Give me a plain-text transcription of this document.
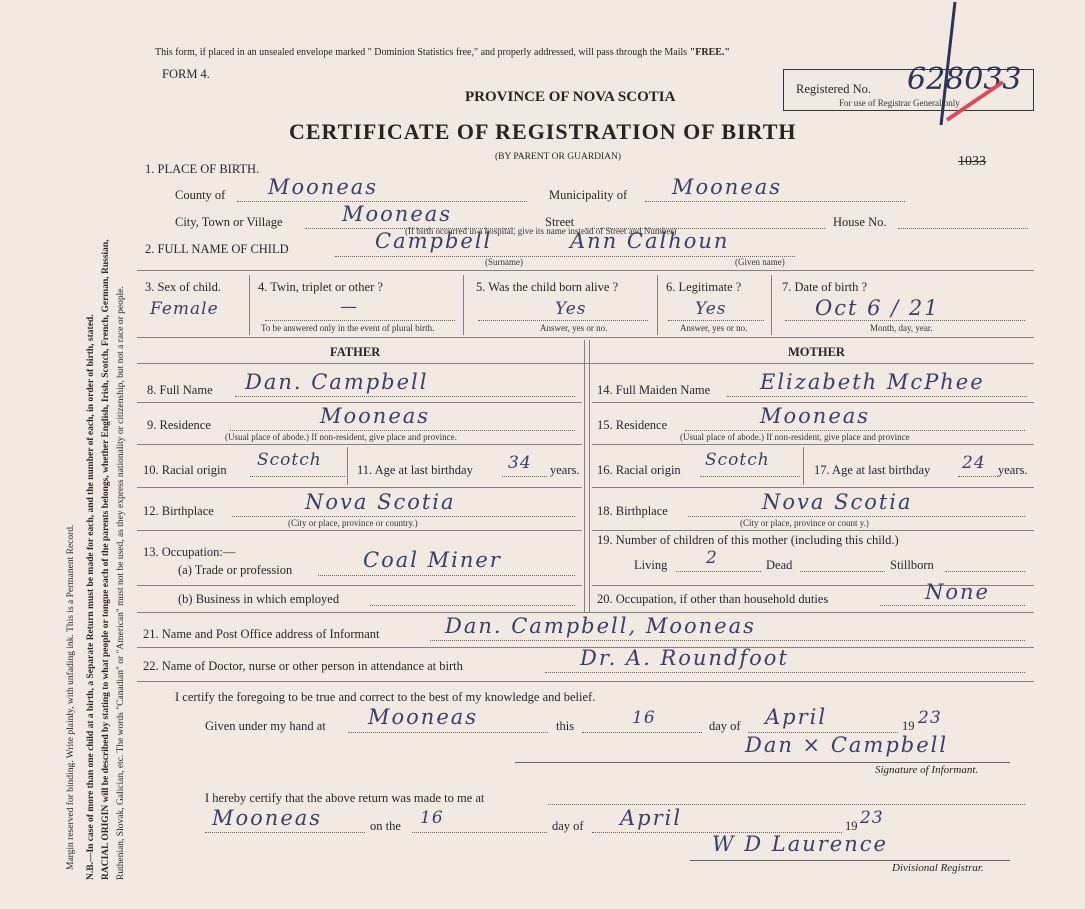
Margin reserved for binding. Write plainly, with unfading ink. This is a Permanent Record. N.B.—In case of more than one child at a birth, a Separate Return must be made for each, and the number of each, in order of birth, stated. RACIAL ORIGIN will be described by stating to what people or tongue each of the parents belongs, whether English, Irish, Scotch, French, German, Russian, Ruthenian, Slovak, Galician, etc. The words "Canadian" or "American" must not be used, as they express nationality or citizenship, but not a race or people.
This form, if placed in an unsealed envelope marked " Dominion Statistics free," and properly addressed, will pass through the Mails "FREE."
FORM 4.
PROVINCE OF NOVA SCOTIA
CERTIFICATE OF REGISTRATION OF BIRTH
(BY PARENT OR GUARDIAN)
Registered No.
For use of Registrar General only
628033
1033
1. PLACE OF BIRTH.
County of Mooneas	Municipality of Mooneas
City, Town or Village	Mooneas	Street	House No.
(If birth occurred in a hospital, give its name instead of Street and Number)
2. FULL NAME OF CHILD	Campbell	Ann Calhoun
(Surname)	(Given name)
3. Sex of child.
Female
4. Twin, triplet or other ?
—
To be answered only in the event of plural birth.
5. Was the child born alive ?
Yes
Answer, yes or no.
6. Legitimate ?
Yes
Answer, yes or no.
7. Date of birth ?
Oct 6 / 21
Month, day, year.
FATHER	MOTHER
8. Full Name Dan. Campbell
9. Residence	Mooneas
(Usual place of abode.) If non-resident, give place and province.
10. Racial origin Scotch	11. Age at last birthday 34 years.
12. Birthplace	Nova Scotia
(City or place, province or country.)
13. Occupation:—
(a) Trade or profession	Coal Miner
(b) Business in which employed
14. Full Maiden Name Elizabeth McPhee
15. Residence	Mooneas
(Usual place of abode.) If non-resident, give place and province
16. Racial origin Scotch	17. Age at last birthday 24 years.
18. Birthplace	Nova Scotia
(City or place, province or count y.)
19. Number of children of this mother (including this child.)
Living 2	Dead	Stillborn
20. Occupation, if other than household duties	None
21. Name and Post Office address of Informant	Dan. Campbell, Mooneas
22. Name of Doctor, nurse or other person in attendance at birth	Dr. A. Roundfoot
I certify the foregoing to be true and correct to the best of my knowledge and belief.
Given under my hand at Mooneas	this	16	day of April	19 23
Dan × Campbell
Signature of Informant.
I hereby certify that the above return was made to me at
Mooneas	on the 16	day of April	19 23
W D Laurence
Divisional Registrar.
